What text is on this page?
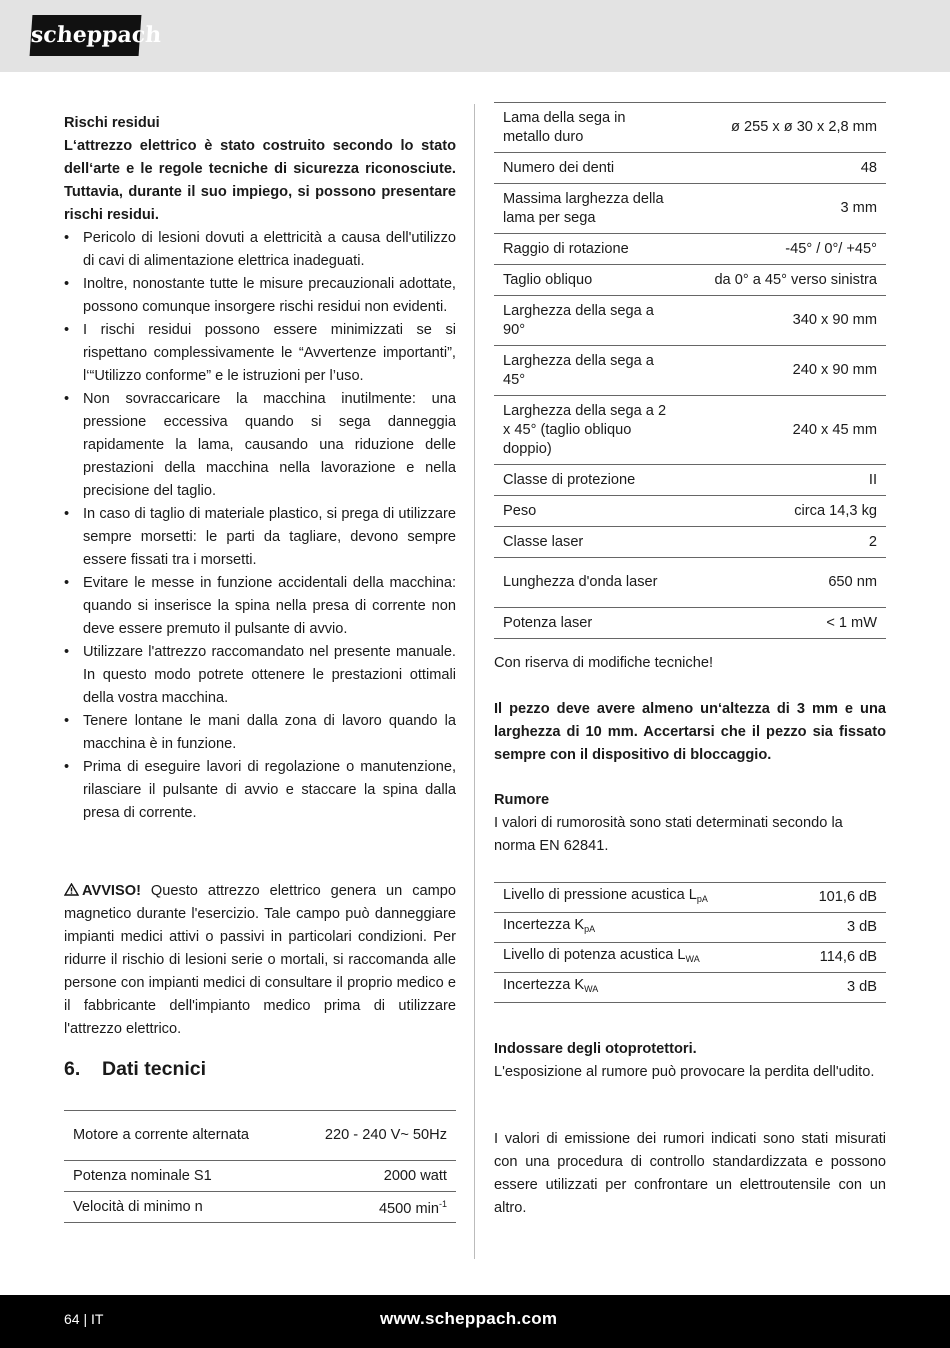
scheppach

Rischi residui

L‘attrezzo elettrico è stato costruito secondo lo stato dell‘arte e le regole tecniche di sicurezza riconosciute. Tuttavia, durante il suo impiego, si possono presentare rischi residui.

• Pericolo di lesioni dovuti a elettricità a causa dell'utilizzo di cavi di alimentazione elettrica inadeguati.
• Inoltre, nonostante tutte le misure precauzionali adottate, possono comunque insorgere rischi residui non evidenti.
• I rischi residui possono essere minimizzati se si rispettano complessivamente le “Avvertenze importanti”, l‘“Utilizzo conforme” e le istruzioni per l’uso.
• Non sovraccaricare la macchina inutilmente: una pressione eccessiva quando si sega danneggia rapidamente la lama, causando una riduzione delle prestazioni della macchina nella lavorazione e nella precisione del taglio.
• In caso di taglio di materiale plastico, si prega di utilizzare sempre morsetti: le parti da tagliare, devono sempre essere fissati tra i morsetti.
• Evitare le messe in funzione accidentali della macchina: quando si inserisce la spina nella presa di corrente non deve essere premuto il pulsante di avvio.
• Utilizzare l'attrezzo raccomandato nel presente manuale. In questo modo potrete ottenere le prestazioni ottimali della vostra macchina.
• Tenere lontane le mani dalla zona di lavoro quando la macchina è in funzione.
• Prima di eseguire lavori di regolazione o manutenzione, rilasciare il pulsante di avvio e staccare la spina dalla presa di corrente.

AVVISO! Questo attrezzo elettrico genera un campo magnetico durante l'esercizio. Tale campo può danneggiare impianti medici attivi o passivi in particolari condizioni. Per ridurre il rischio di lesioni serie o mortali, si raccomanda alle persone con impianti medici di consultare il proprio medico e il fabbricante dell'impianto medico prima di utilizzare l'attrezzo elettrico.

6. Dati tecnici
Motore a corrente alternata	220 - 240 V~ 50Hz
Potenza nominale S1	2000 watt
Velocità di minimo n	4500 $\min^{-1}$
Lama della sega in metallo duro	ø 255 x ø 30 x 2,8 mm
Numero dei denti	48
Massima larghezza della lama per sega	3 mm
Raggio di rotazione	-45° / 0°/ +45°
Taglio obliquo	da 0° a 45° verso sinistra
Larghezza della sega a 90°	340 x 90 mm
Larghezza della sega a 45°	240 x 90 mm
Larghezza della sega a 2 x 45° (taglio obliquo doppio)	240 x 45 mm
Classe di protezione	II
Peso	circa 14,3 kg
Classe laser	2
Lunghezza d'onda laser	650 nm
Potenza laser	< 1 mW

Con riserva di modifiche tecniche!

Il pezzo deve avere almeno un‘altezza di 3 mm e una larghezza di 10 mm. Accertarsi che il pezzo sia fissato sempre con il dispositivo di bloccaggio.

Rumore

I valori di rumorosità sono stati determinati secondo la norma EN 62841.

Livello di pressione acustica $L_{pA}$	101,6 dB
Incertezza $K_{pA}$	3 dB
Livello di potenza acustica $L_{WA}$	114,6 dB
Incertezza $K_{WA}$	3 dB

Indossare degli otoprotettori.

L'esposizione al rumore può provocare la perdita dell'udito.

I valori di emissione dei rumori indicati sono stati misurati con una procedura di controllo standardizzata e possono essere utilizzati per confrontare un elettroutensile con un altro.

64 | IT	www.scheppach.com
